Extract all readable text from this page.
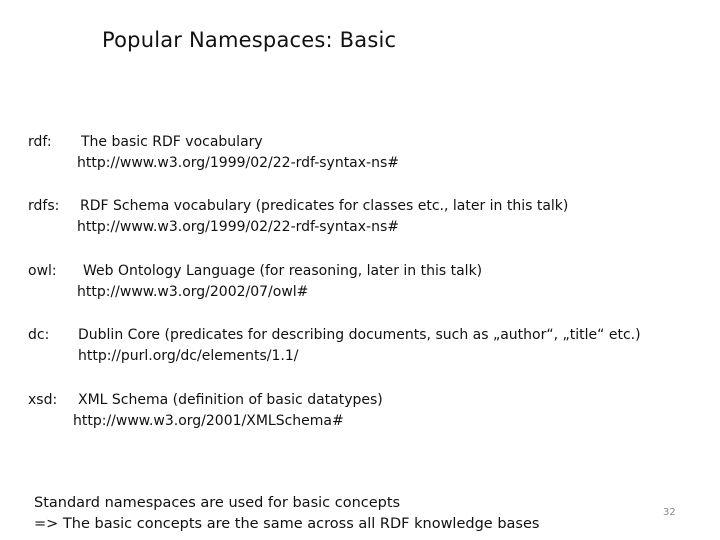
Popular Namespaces: Basic
rdf: The basic RDF vocabulary
http://www.w3.org/1999/02/22-rdf-syntax-ns#
rdfs: RDF Schema vocabulary (predicates for classes etc., later in this talk)
http://www.w3.org/1999/02/22-rdf-syntax-ns#
owl: Web Ontology Language (for reasoning, later in this talk)
http://www.w3.org/2002/07/owl#
dc: Dublin Core (predicates for describing documents, such as „author“, „title“ etc.)
http://purl.org/dc/elements/1.1/
xsd: XML Schema (definition of basic datatypes)
http://www.w3.org/2001/XMLSchema#
Standard namespaces are used for basic concepts
=> The basic concepts are the same across all RDF knowledge bases
32
